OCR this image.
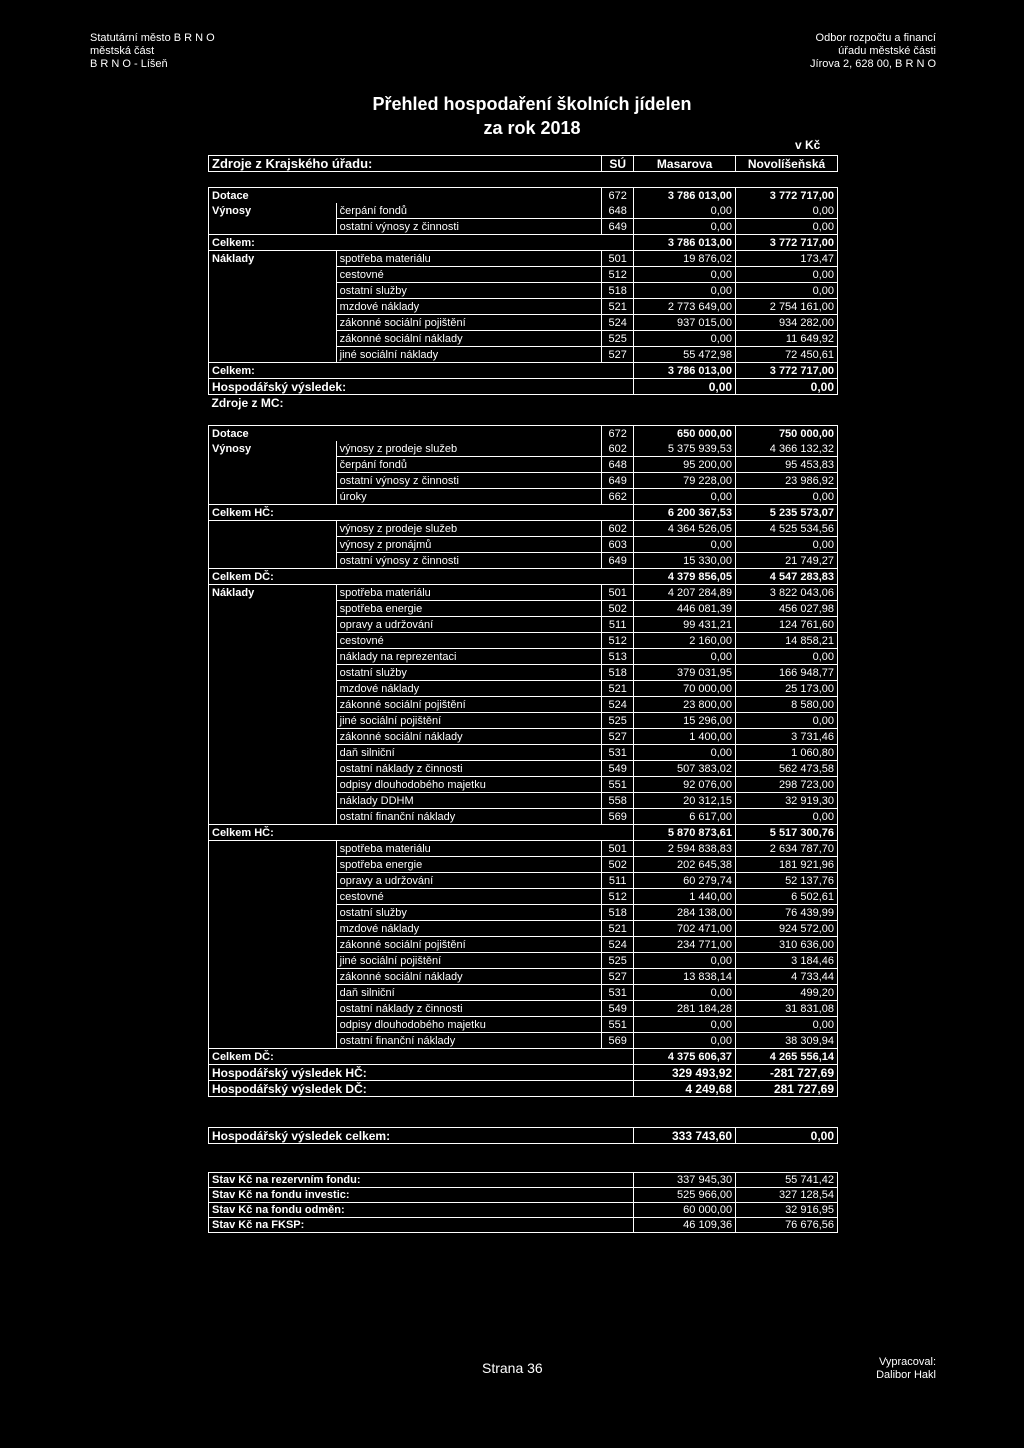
Statutární město B R N O
městská část
B R N O - Líšeň
Odbor rozpočtu a financí
úřadu městské části
Jírova 2, 628 00, B R N O
Přehled hospodaření školních jídelen
za rok 2018
v Kč
Zdroje z Krajského úřadu:		SÚ	Masarova	Novolíšeňská

Dotace		672	3 786 013,00	3 772 717,00
Výnosy	čerpání fondů	648	0,00	0,00
	ostatní výnosy z činnosti	649	0,00	0,00
Celkem:			3 786 013,00	3 772 717,00
Náklady	spotřeba materiálu	501	19 876,02	173,47
	cestovné	512	0,00	0,00
	ostatní služby	518	0,00	0,00
	mzdové náklady	521	2 773 649,00	2 754 161,00
	zákonné sociální pojištění	524	937 015,00	934 282,00
	zákonné sociální náklady	525	0,00	11 649,92
	jiné sociální náklady	527	55 472,98	72 450,61
Celkem:			3 786 013,00	3 772 717,00
Hospodářský výsledek:			0,00	0,00
Zdroje z MC:				

Dotace		672	650 000,00	750 000,00
Výnosy	výnosy z prodeje služeb	602	5 375 939,53	4 366 132,32
	čerpání fondů	648	95 200,00	95 453,83
	ostatní výnosy z činnosti	649	79 228,00	23 986,92
	úroky	662	0,00	0,00
Celkem HČ:			6 200 367,53	5 235 573,07
	výnosy z prodeje služeb	602	4 364 526,05	4 525 534,56
	výnosy z pronájmů	603	0,00	0,00
	ostatní výnosy z činnosti	649	15 330,00	21 749,27
Celkem DČ:			4 379 856,05	4 547 283,83
Náklady	spotřeba materiálu	501	4 207 284,89	3 822 043,06
	spotřeba energie	502	446 081,39	456 027,98
	opravy a udržování	511	99 431,21	124 761,60
	cestovné	512	2 160,00	14 858,21
	náklady na reprezentaci	513	0,00	0,00
	ostatní služby	518	379 031,95	166 948,77
	mzdové náklady	521	70 000,00	25 173,00
	zákonné sociální pojištění	524	23 800,00	8 580,00
	jiné sociální pojištění	525	15 296,00	0,00
	zákonné sociální náklady	527	1 400,00	3 731,46
	daň silniční	531	0,00	1 060,80
	ostatní náklady z činnosti	549	507 383,02	562 473,58
	odpisy dlouhodobého majetku	551	92 076,00	298 723,00
	náklady DDHM	558	20 312,15	32 919,30
	ostatní finanční náklady	569	6 617,00	0,00
Celkem HČ:			5 870 873,61	5 517 300,76
	spotřeba materiálu	501	2 594 838,83	2 634 787,70
	spotřeba energie	502	202 645,38	181 921,96
	opravy a udržování	511	60 279,74	52 137,76
	cestovné	512	1 440,00	6 502,61
	ostatní služby	518	284 138,00	76 439,99
	mzdové náklady	521	702 471,00	924 572,00
	zákonné sociální pojištění	524	234 771,00	310 636,00
	jiné sociální pojištění	525	0,00	3 184,46
	zákonné sociální náklady	527	13 838,14	4 733,44
	daň silniční	531	0,00	499,20
	ostatní náklady z činnosti	549	281 184,28	31 831,08
	odpisy dlouhodobého majetku	551	0,00	0,00
	ostatní finanční náklady	569	0,00	38 309,94
Celkem DČ:			4 375 606,37	4 265 556,14
Hospodářský výsledek HČ:			329 493,92	-281 727,69
Hospodářský výsledek DČ:			4 249,68	281 727,69

Hospodářský výsledek celkem:			333 743,60	0,00
Stav Kč na rezervním fondu:	337 945,30	55 741,42
Stav Kč na fondu investic:	525 966,00	327 128,54
Stav Kč na fondu odměn:	60 000,00	32 916,95
Stav Kč na FKSP:	46 109,36	76 676,56
Strana 36	Vypracoval:
Dalibor Hakl
